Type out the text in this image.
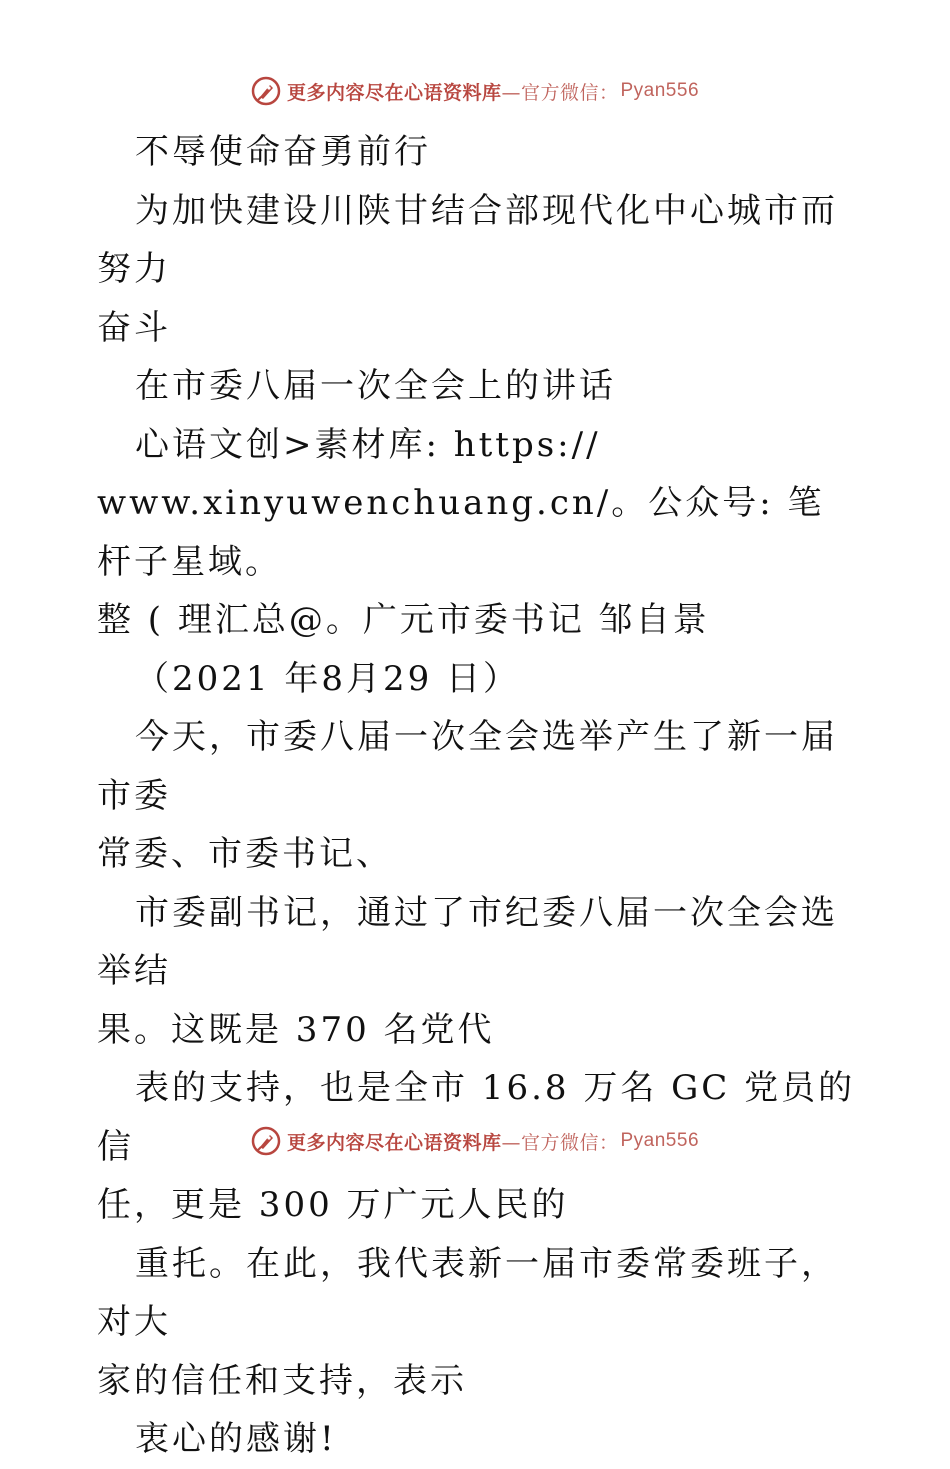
更多内容尽在心语资料库 —官方微信： Pyan556

不辱使命奋勇前行

为加快建设川陕甘结合部现代化中心城市而努力

奋斗

在市委八届一次全会上的讲话

心语文创>素材库: https://

www.xinyuwenchuang.cn/。公众号: 笔杆子星域。

整 ( 理汇总@。广元市委书记 邹自景

（2021 年8月29 日）

今天，市委八届一次全会选举产生了新一届市委

常委、市委书记、

市委副书记，通过了市纪委八届一次全会选举结

果。这既是 370 名党代

表的支持，也是全市 16.8 万名 GC 党员的信

任，更是 300 万广元人民的

重托。在此，我代表新一届市委常委班子，对大

家的信任和支持，表示

衷心的感谢!

更多内容尽在心语资料库 —官方微信： Pyan556
